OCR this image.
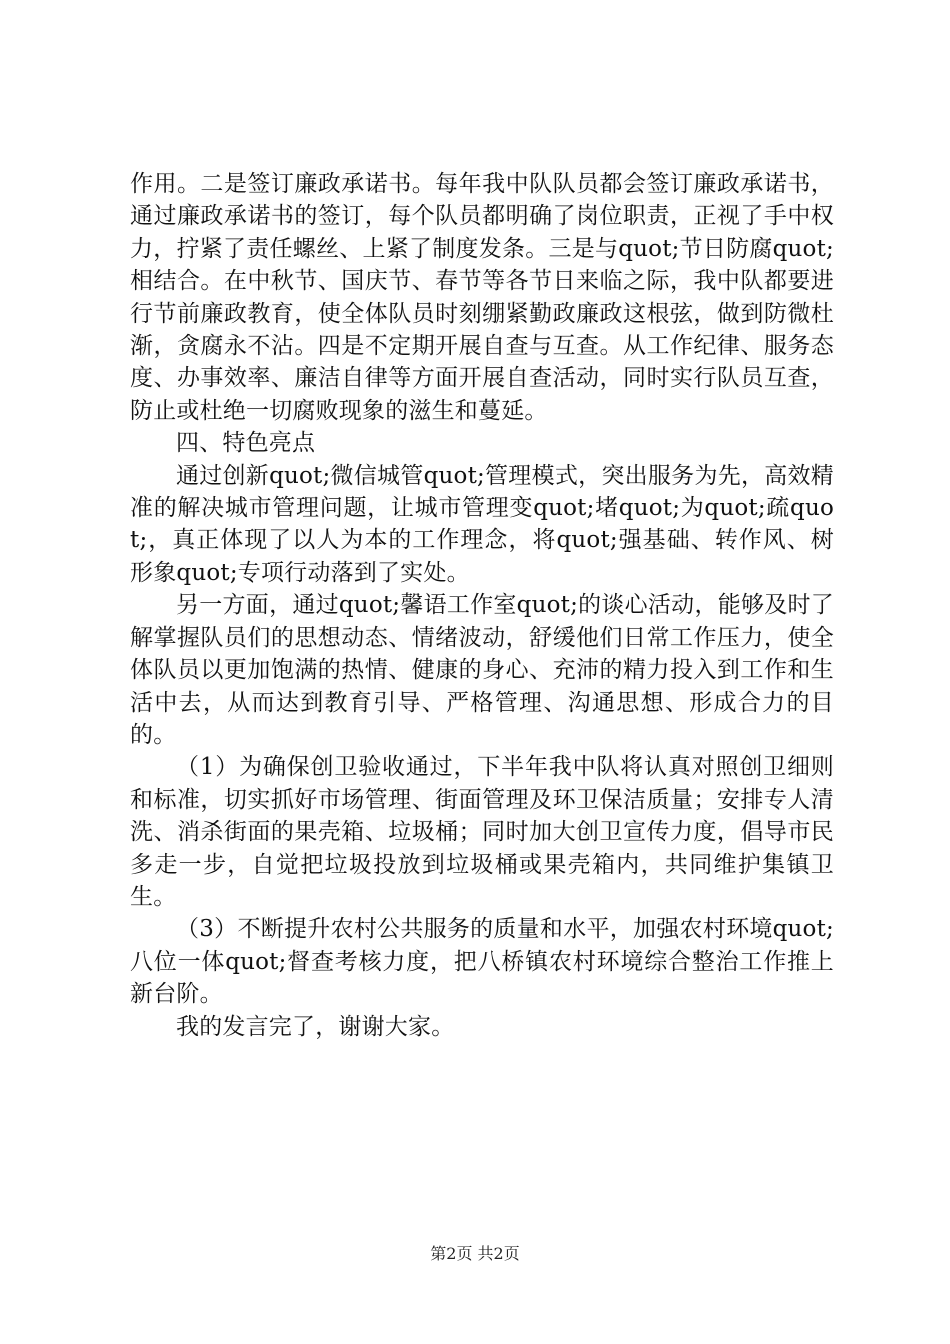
作用。二是签订廉政承诺书。每年我中队队员都会签订廉政承诺书，通过廉政承诺书的签订，每个队员都明确了岗位职责，正视了手中权力，拧紧了责任螺丝、上紧了制度发条。三是与quot;节日防腐quot;相结合。在中秋节、国庆节、春节等各节日来临之际，我中队都要进行节前廉政教育，使全体队员时刻绷紧勤政廉政这根弦，做到防微杜渐，贪腐永不沾。四是不定期开展自查与互查。从工作纪律、服务态度、办事效率、廉洁自律等方面开展自查活动，同时实行队员互查，防止或杜绝一切腐败现象的滋生和蔓延。

四、特色亮点

通过创新quot;微信城管quot;管理模式，突出服务为先，高效精准的解决城市管理问题，让城市管理变quot;堵quot;为quot;疏quot;，真正体现了以人为本的工作理念，将quot;强基础、转作风、树形象quot;专项行动落到了实处。

另一方面，通过quot;馨语工作室quot;的谈心活动，能够及时了解掌握队员们的思想动态、情绪波动，舒缓他们日常工作压力，使全体队员以更加饱满的热情、健康的身心、充沛的精力投入到工作和生活中去，从而达到教育引导、严格管理、沟通思想、形成合力的目的。

（1）为确保创卫验收通过，下半年我中队将认真对照创卫细则和标准，切实抓好市场管理、街面管理及环卫保洁质量；安排专人清洗、消杀街面的果壳箱、垃圾桶；同时加大创卫宣传力度，倡导市民多走一步，自觉把垃圾投放到垃圾桶或果壳箱内，共同维护集镇卫生。

（3）不断提升农村公共服务的质量和水平，加强农村环境quot;八位一体quot;督查考核力度，把八桥镇农村环境综合整治工作推上新台阶。

我的发言完了，谢谢大家。

第2页 共2页
